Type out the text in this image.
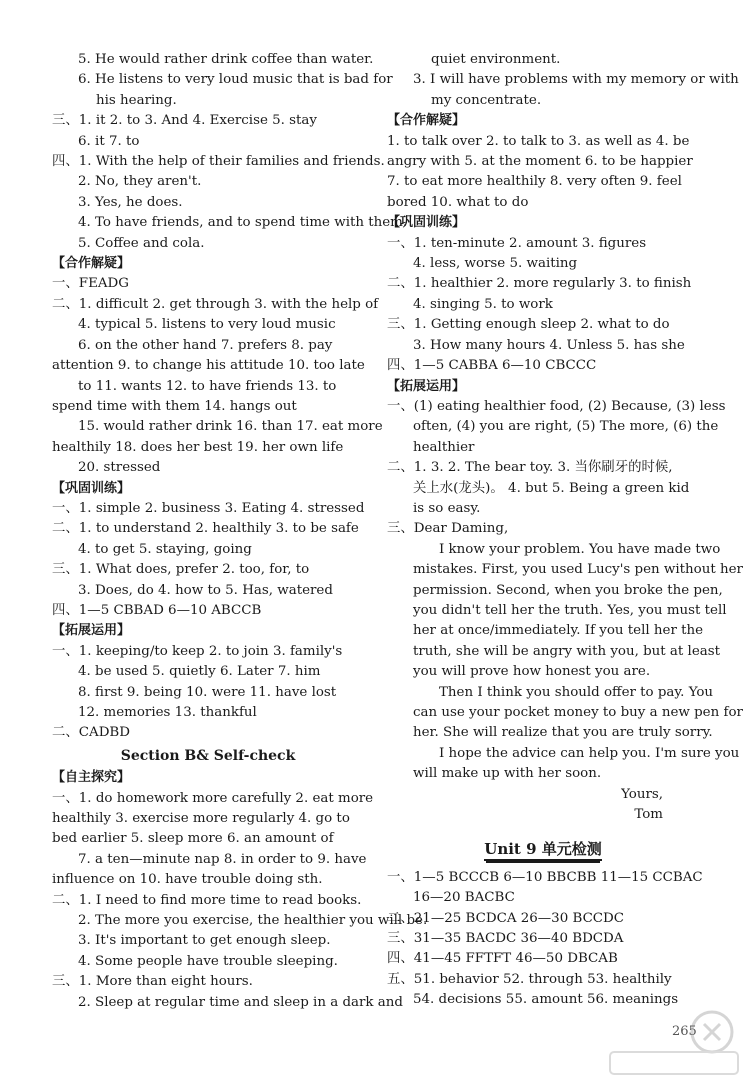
5. He would rather drink coffee than water.
6. He listens to very loud music that is bad for
his hearing.
三、1. it 2. to 3. And 4. Exercise 5. stay
6. it 7. to
四、1. With the help of their families and friends.
2. No, they aren't.
3. Yes, he does.
4. To have friends, and to spend time with them.
5. Coffee and cola.
【合作解疑】
一、FEADG
二、1. difficult 2. get through 3. with the help of
4. typical 5. listens to very loud music
6. on the other hand 7. prefers 8. pay
attention 9. to change his attitude 10. too late
to 11. wants 12. to have friends 13. to
spend time with them 14. hangs out
15. would rather drink 16. than 17. eat more
healthily 18. does her best 19. her own life
20. stressed
【巩固训练】
一、1. simple 2. business 3. Eating 4. stressed
二、1. to understand 2. healthily 3. to be safe
4. to get 5. staying, going
三、1. What does, prefer 2. too, for, to
3. Does, do 4. how to 5. Has, watered
四、1—5 CBBAD 6—10 ABCCB
【拓展运用】
一、1. keeping/to keep 2. to join 3. family's
4. be used 5. quietly 6. Later 7. him
8. first 9. being 10. were 11. have lost
12. memories 13. thankful
二、CADBD
Section B& Self-check
【自主探究】
一、1. do homework more carefully 2. eat more
healthily 3. exercise more regularly 4. go to
bed earlier 5. sleep more 6. an amount of
7. a ten—minute nap 8. in order to 9. have
influence on 10. have trouble doing sth.
二、1. I need to find more time to read books.
2. The more you exercise, the healthier you will be.
3. It's important to get enough sleep.
4. Some people have trouble sleeping.
三、1. More than eight hours.
2. Sleep at regular time and sleep in a dark and
quiet environment.
3. I will have problems with my memory or with
my concentrate.
【合作解疑】
1. to talk over 2. to talk to 3. as well as 4. be
angry with 5. at the moment 6. to be happier
7. to eat more healthily 8. very often 9. feel
bored 10. what to do
【巩固训练】
一、1. ten-minute 2. amount 3. figures
4. less, worse 5. waiting
二、1. healthier 2. more regularly 3. to finish
4. singing 5. to work
三、1. Getting enough sleep 2. what to do
3. How many hours 4. Unless 5. has she
四、1—5 CABBA 6—10 CBCCC
【拓展运用】
一、(1) eating healthier food, (2) Because, (3) less
often, (4) you are right, (5) The more, (6) the
healthier
二、1. 3. 2. The bear toy. 3. 当你刷牙的时候,
关上水(龙头)。 4. but 5. Being a green kid
is so easy.
三、Dear Daming,
I know your problem. You have made two
mistakes. First, you used Lucy's pen without her
permission. Second, when you broke the pen,
you didn't tell her the truth. Yes, you must tell
her at once/immediately. If you tell her the
truth, she will be angry with you, but at least
you will prove how honest you are.
Then I think you should offer to pay. You
can use your pocket money to buy a new pen for
her. She will realize that you are truly sorry.
I hope the advice can help you. I'm sure you
will make up with her soon.
Yours,
Tom
Unit 9 单元检测
一、1—5 BCCCB 6—10 BBCBB 11—15 CCBAC
16—20 BACBC
二、21—25 BCDCA 26—30 BCCDC
三、31—35 BACDC 36—40 BDCDA
四、41—45 FFTFT 46—50 DBCAB
五、51. behavior 52. through 53. healthily
54. decisions 55. amount 56. meanings
265
